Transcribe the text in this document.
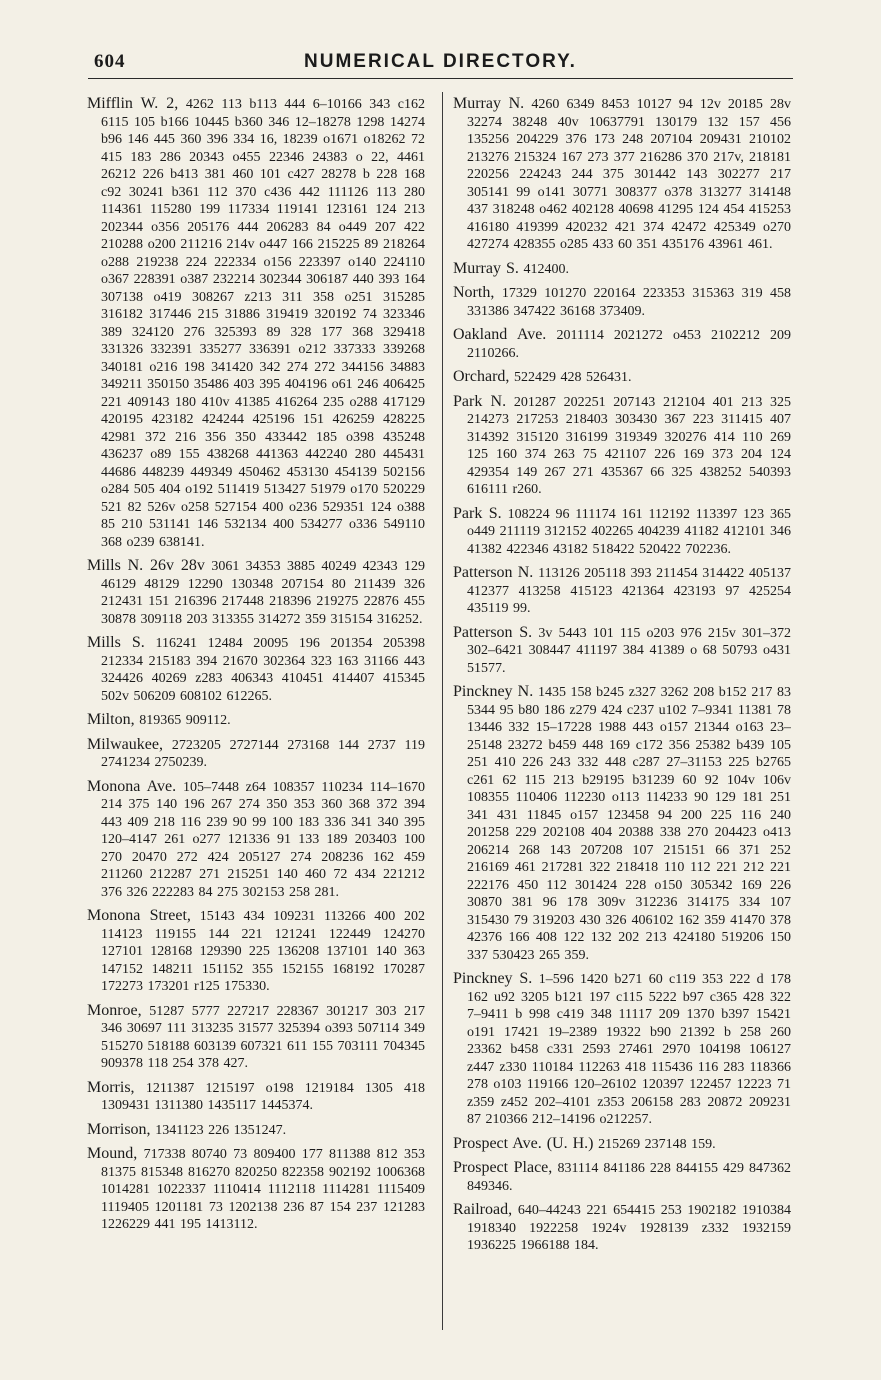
604	NUMERICAL DIRECTORY.

Mifflin W. 2, 4262 113 b113 444 6–10166 343 c162 6115 105 b166 10445 b360 346 12–18278 1298 14274 b96 146 445 360 396 334 16, 18239 o1671 o18262 72 415 183 286 20343 o455 22346 24383 o 22, 4461 26212 226 b413 381 460 101 c427 28278 b 228 168 c92 30241 b361 112 370 c436 442 111126 113 280 114361 115280 199 117334 119141 123161 124 213 202344 o356 205176 444 206283 84 o449 207 422 210288 o200 211216 214v o447 166 215225 89 218264 o288 219238 224 222334 o156 223397 o140 224110 o367 228391 o387 232214 302344 306187 440 393 164 307138 o419 308267 z213 311 358 o251 315285 316182 317446 215 31886 319419 320192 74 323346 389 324120 276 325393 89 328 177 368 329418 331326 332391 335277 336391 o212 337333 339268 340181 o216 198 341420 342 274 272 344156 34883 349211 350150 35486 403 395 404196 o61 246 406425 221 409143 180 410v 41385 416264 235 o288 417129 420195 423182 424244 425196 151 426259 428225 42981 372 216 356 350 433442 185 o398 435248 436237 o89 155 438268 441363 442240 280 445431 44686 448239 449349 450462 453130 454139 502156 o284 505 404 o192 511419 513427 51979 o170 520229 521 82 526v o258 527154 400 o236 529351 124 o388 85 210 531141 146 532134 400 534277 o336 549110 368 o239 638141.

Mills N. 26v 28v 3061 34353 3885 40249 42343 129 46129 48129 12290 130348 207154 80 211439 326 212431 151 216396 217448 218396 219275 22876 455 30878 309118 203 313355 314272 359 315154 316252.

Mills S. 116241 12484 20095 196 201354 205398 212334 215183 394 21670 302364 323 163 31166 443 324426 40269 z283 406343 410451 414407 415345 502v 506209 608102 612265.

Milton, 819365 909112.

Milwaukee, 2723205 2727144 273168 144 2737 119 2741234 2750239.

Monona Ave. 105–7448 z64 108357 110234 114–1670 214 375 140 196 267 274 350 353 360 368 372 394 443 409 218 116 239 90 99 100 183 336 341 340 395 120–4147 261 o277 121336 91 133 189 203403 100 270 20470 272 424 205127 274 208236 162 459 211260 212287 271 215251 140 460 72 434 221212 376 326 222283 84 275 302153 258 281.

Monona Street, 15143 434 109231 113266 400 202 114123 119155 144 221 121241 122449 124270 127101 128168 129390 225 136208 137101 140 363 147152 148211 151152 355 152155 168192 170287 172273 173201 r125 175330.

Monroe, 51287 5777 227217 228367 301217 303 217 346 30697 111 313235 31577 325394 o393 507114 349 515270 518188 603139 607321 611 155 703111 704345 909378 118 254 378 427.

Morris, 1211387 1215197 o198 1219184 1305 418 1309431 1311380 1435117 1445374.

Morrison, 1341123 226 1351247.

Mound, 717338 80740 73 809400 177 811388 812 353 81375 815348 816270 820250 822358 902192 1006368 1014281 1022337 1110414 1112118 1114281 1115409 1119405 1201181 73 1202138 236 87 154 237 121283 1226229 441 195 1413112.

Murray N. 4260 6349 8453 10127 94 12v 20185 28v 32274 38248 40v 10637791 130179 132 157 456 135256 204229 376 173 248 207104 209431 210102 213276 215324 167 273 377 216286 370 217v, 218181 220256 224243 244 375 301442 143 302277 217 305141 99 o141 30771 308377 o378 313277 314148 437 318248 o462 402128 40698 41295 124 454 415253 416180 419399 420232 421 374 42472 425349 o270 427274 428355 o285 433 60 351 435176 43961 461.

Murray S. 412400.

North, 17329 101270 220164 223353 315363 319 458 331386 347422 36168 373409.

Oakland Ave. 2011114 2021272 o453 2102212 209 2110266.

Orchard, 522429 428 526431.

Park N. 201287 202251 207143 212104 401 213 325 214273 217253 218403 303430 367 223 311415 407 314392 315120 316199 319349 320276 414 110 269 125 160 374 263 75 421107 226 169 373 204 124 429354 149 267 271 435367 66 325 438252 540393 616111 r260.

Park S. 108224 96 111174 161 112192 113397 123 365 o449 211119 312152 402265 404239 41182 412101 346 41382 422346 43182 518422 520422 702236.

Patterson N. 113126 205118 393 211454 314422 405137 412377 413258 415123 421364 423193 97 425254 435119 99.

Patterson S. 3v 5443 101 115 o203 976 215v 301–372 302–6421 308447 411197 384 41389 o 68 50793 o431 51577.

Pinckney N. 1435 158 b245 z327 3262 208 b152 217 83 5344 95 b80 186 z279 424 c237 u102 7–9341 11381 78 13446 332 15–17228 1988 443 o157 21344 o163 23–25148 23272 b459 448 169 c172 356 25382 b439 105 251 410 226 243 332 448 c287 27–31153 225 b2765 c261 62 115 213 b29195 b31239 60 92 104v 106v 108355 110406 112230 o113 114233 90 129 181 251 341 431 11845 o157 123458 94 200 225 116 240 201258 229 202108 404 20388 338 270 204423 o413 206214 268 143 207208 107 215151 66 371 252 216169 461 217281 322 218418 110 112 221 212 221 222176 450 112 301424 228 o150 305342 169 226 30870 381 96 178 309v 312236 314175 334 107 315430 79 319203 430 326 406102 162 359 41470 378 42376 166 408 122 132 202 213 424180 519206 150 337 530423 265 359.

Pinckney S. 1–596 1420 b271 60 c119 353 222 d 178 162 u92 3205 b121 197 c115 5222 b97 c365 428 322 7–9411 b 998 c419 348 11117 209 1370 b397 15421 o191 17421 19–2389 19322 b90 21392 b 258 260 23362 b458 c331 2593 27461 2970 104198 106127 z447 z330 110184 112263 418 115436 116 283 118366 278 o103 119166 120–26102 120397 122457 12223 71 z359 z452 202–4101 z353 206158 283 20872 209231 87 210366 212–14196 o212257.

Prospect Ave. (U. H.) 215269 237148 159.

Prospect Place, 831114 841186 228 844155 429 847362 849346.

Railroad, 640–44243 221 654415 253 1902182 1910384 1918340 1922258 1924v 1928139 z332 1932159 1936225 1966188 184.
